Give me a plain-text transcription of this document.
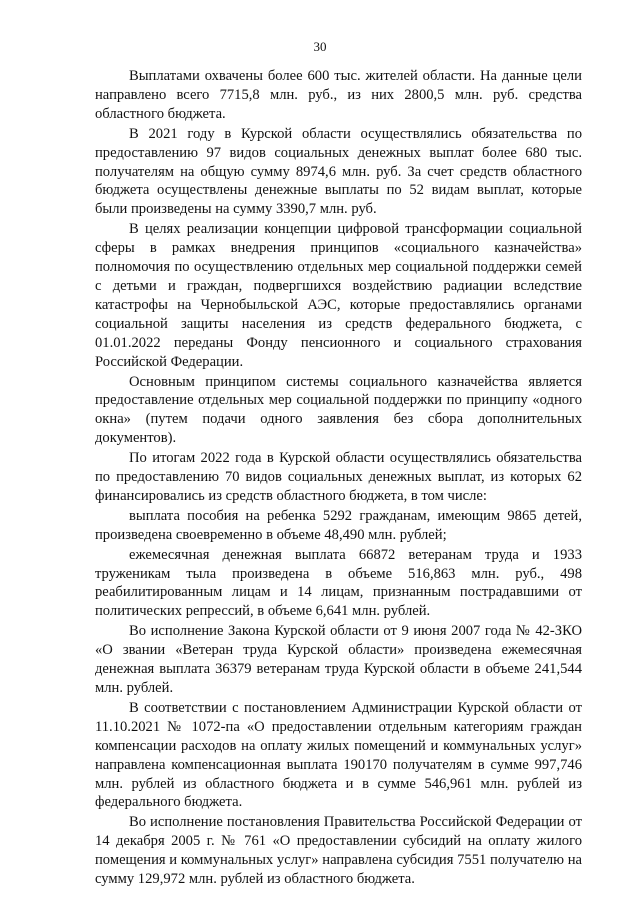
30

Выплатами охвачены более 600 тыс. жителей области. На данные цели направлено всего 7715,8 млн. руб., из них 2800,5 млн. руб. средства областного бюджета.

В 2021 году в Курской области осуществлялись обязательства по предоставлению 97 видов социальных денежных выплат более 680 тыс. получателям на общую сумму 8974,6 млн. руб. За счет средств областного бюджета осуществлены денежные выплаты по 52 видам выплат, которые были произведены на сумму 3390,7 млн. руб.

В целях реализации концепции цифровой трансформации социальной сферы в рамках внедрения принципов «социального казначейства» полномочия по осуществлению отдельных мер социальной поддержки семей с детьми и граждан, подвергшихся воздействию радиации вследствие катастрофы на Чернобыльской АЭС, которые предоставлялись органами социальной защиты населения из средств федерального бюджета, с 01.01.2022 переданы Фонду пенсионного и социального страхования Российской Федерации.

Основным принципом системы социального казначейства является предоставление отдельных мер социальной поддержки по принципу «одного окна» (путем подачи одного заявления без сбора дополнительных документов).

По итогам 2022 года в Курской области осуществлялись обязательства по предоставлению 70 видов социальных денежных выплат, из которых 62 финансировались из средств областного бюджета, в том числе:

выплата пособия на ребенка 5292 гражданам, имеющим 9865 детей, произведена своевременно в объеме 48,490 млн. рублей;

ежемесячная денежная выплата 66872 ветеранам труда и 1933 труженикам тыла произведена в объеме 516,863 млн. руб., 498 реабилитированным лицам и 14 лицам, признанным пострадавшими от политических репрессий, в объеме 6,641 млн. рублей.

Во исполнение Закона Курской области от 9 июня 2007 года № 42-ЗКО «О звании «Ветеран труда Курской области» произведена ежемесячная денежная выплата 36379 ветеранам труда Курской области в объеме 241,544 млн. рублей.

В соответствии с постановлением Администрации Курской области от 11.10.2021 № 1072-па «О предоставлении отдельным категориям граждан компенсации расходов на оплату жилых помещений и коммунальных услуг» направлена компенсационная выплата 190170 получателям в сумме 997,746 млн. рублей из областного бюджета и в сумме 546,961 млн. рублей из федерального бюджета.

Во исполнение постановления Правительства Российской Федерации от 14 декабря 2005 г. № 761 «О предоставлении субсидий на оплату жилого помещения и коммунальных услуг» направлена субсидия 7551 получателю на сумму 129,972 млн. рублей из областного бюджета.
